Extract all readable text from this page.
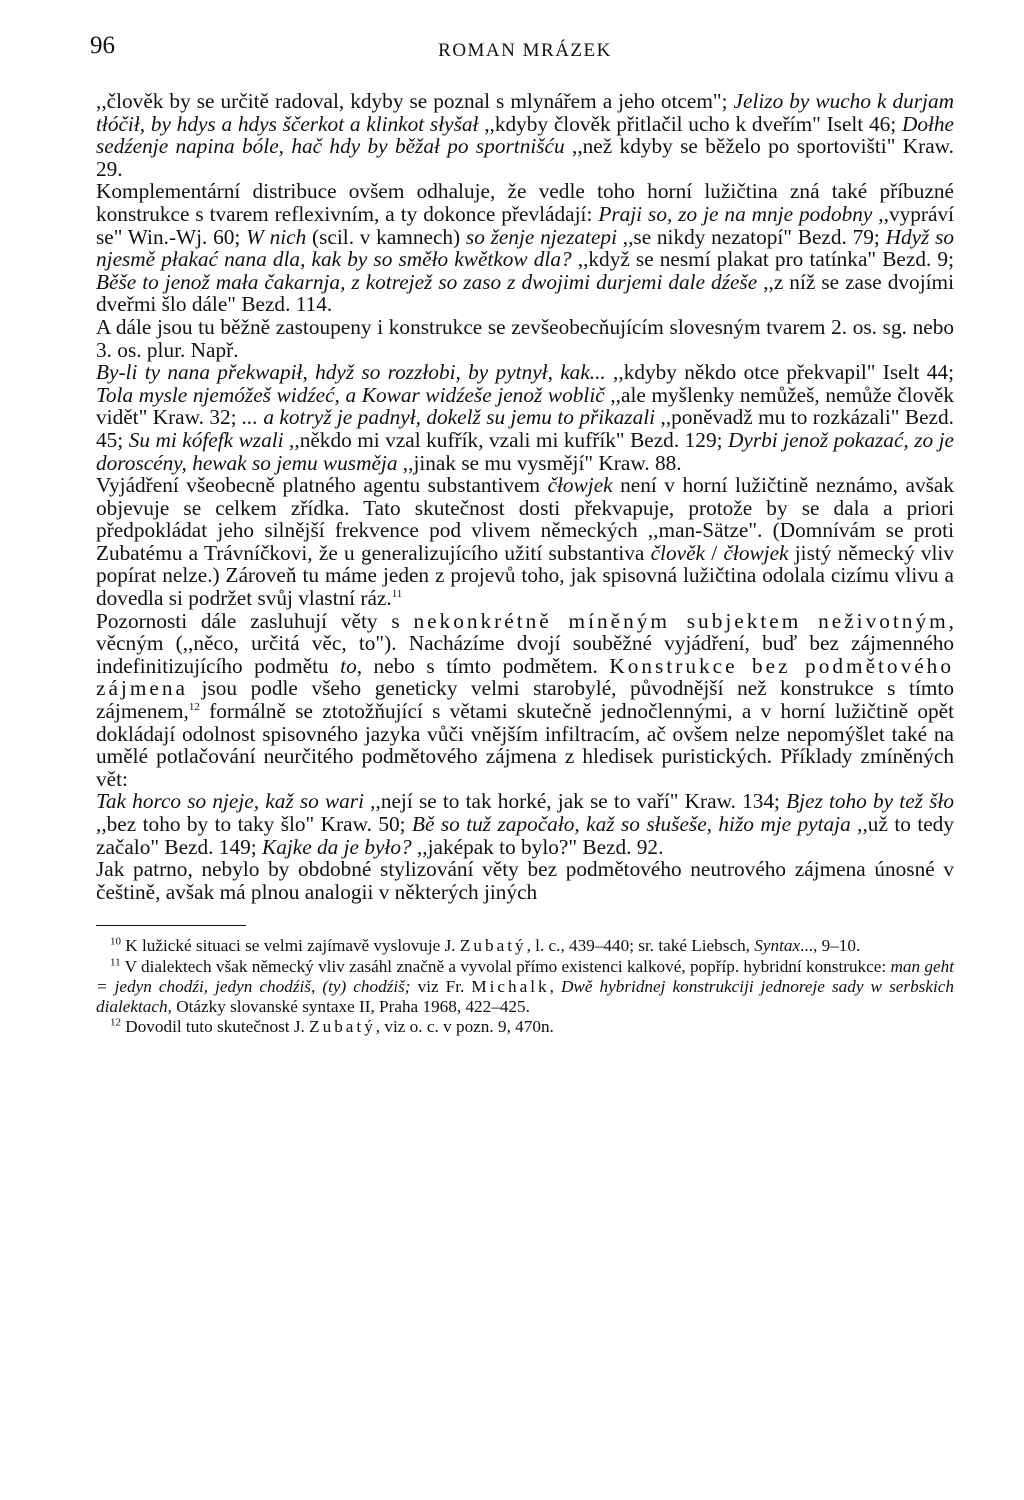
96	ROMAN MRÁZEK

,,člověk by se určitě radoval, kdyby se poznal s mlynářem a jeho otcem"; Jelizo by wucho k durjam tłóčił, by hdys a hdys ščerkot a klinkot słyšał ,,kdyby člověk přitlačil ucho k dveřím" Iselt 46; Dołhe sedźenje napina bóle, hač hdy by běžał po sportnišću ,,než kdyby se běželo po sportovišti" Kraw. 29.

Komplementární distribuce ovšem odhaluje, že vedle toho horní lužičtina zná také příbuzné konstrukce s tvarem reflexivním, a ty dokonce převládají: Praji so, zo je na mnje podobny ,,vypráví se" Win.-Wj. 60; W nich (scil. v kamnech) so ženje njezatepi ,,se nikdy nezatopí" Bezd. 79; Hdyž so njesmě płakać nana dla, kak by so směło kwětkow dla? ,,když se nesmí plakat pro tatínka" Bezd. 9; Běše to jenož mała čakarnja, z kotrejež so zaso z dwojimi durjemi dale dźeše ,,z níž se zase dvojími dveřmi šlo dále" Bezd. 114.

A dále jsou tu běžně zastoupeny i konstrukce se zevšeobecňujícím slovesným tvarem 2. os. sg. nebo 3. os. plur. Např.

By-li ty nana překwapił, hdyž so rozzłobi, by pytnył, kak... ,,kdyby někdo otce překvapil" Iselt 44; Tola mysle njemóžeš widźeć, a Kowar widźeše jenož woblič ,,ale myšlenky nemůžeš, nemůže člověk vidět" Kraw. 32; ... a kotryž je padnył, dokelž su jemu to přikazali ,,poněvadž mu to rozkázali" Bezd. 45; Su mi kófefk wzali ,,někdo mi vzal kufřík, vzali mi kufřík" Bezd. 129; Dyrbi jenož pokazać, zo je doroscény, hewak so jemu wusměja ,,jinak se mu vysmějí" Kraw. 88.

Vyjádření všeobecně platného agentu substantivem čłowjek není v horní lužičtině neznámo, avšak objevuje se celkem zřídka. Tato skutečnost dosti překvapuje, protože by se dala a priori předpokládat jeho silnější frekvence pod vlivem německých ,,man-Sätze". (Domnívám se proti Zubatému a Trávníčkovi, že u generalizujícího užití substantiva člověk / čłowjek jistý německý vliv popírat nelze.) Zároveň tu máme jeden z projevů toho, jak spisovná lužičtina odolala cizímu vlivu a dovedla si podržet svůj vlastní ráz.$^{11}$

Pozornosti dále zasluhují věty s nekonkrétně míněným subjektem neživotným, věcným (,,něco, určitá věc, to"). Nacházíme dvojí souběžné vyjádření, buď bez zájmenného indefinitizujícího podmětu to, nebo s tímto podmětem. Konstrukce bez podmětového zájmena jsou podle všeho geneticky velmi starobylé, původnější než konstrukce s tímto zájmenem,$^{12}$ formálně se ztotožňující s větami skutečně jednočlennými, a v horní lužičtině opět dokládají odolnost spisovného jazyka vůči vnějším infiltracím, ač ovšem nelze nepomýšlet také na umělé potlačování neurčitého podmětového zájmena z hledisek puristických. Příklady zmíněných vět:

Tak horco so njeje, kaž so wari ,,nejí se to tak horké, jak se to vaří" Kraw. 134; Bjez toho by tež šło ,,bez toho by to taky šlo" Kraw. 50; Bě so tuž započało, kaž so słušeše, hižo mje pytaja ,,už to tedy začalo" Bezd. 149; Kajke da je było? ,,jaképak to bylo?" Bezd. 92.

Jak patrno, nebylo by obdobné stylizování věty bez podmětového neutrového zájmena únosné v češtině, avšak má plnou analogii v některých jiných

$^{10}$ K lužické situaci se velmi zajímavě vyslovuje J. Zubatý, l. c., 439–440; sr. také Liebsch, Syntax..., 9–10.

$^{11}$ V dialektech však německý vliv zasáhl značně a vyvolal přímo existenci kalkové, popříp. hybridní konstrukce: man geht = jedyn chodźi, jedyn chodźiš, (ty) chodźiš; viz Fr. Michalk, Dwě hybridnej konstrukciji jednoreje sady w serbskich dialektach, Otázky slovanské syntaxe II, Praha 1968, 422–425.

$^{12}$ Dovodil tuto skutečnost J. Zubatý, viz o. c. v pozn. 9, 470n.
